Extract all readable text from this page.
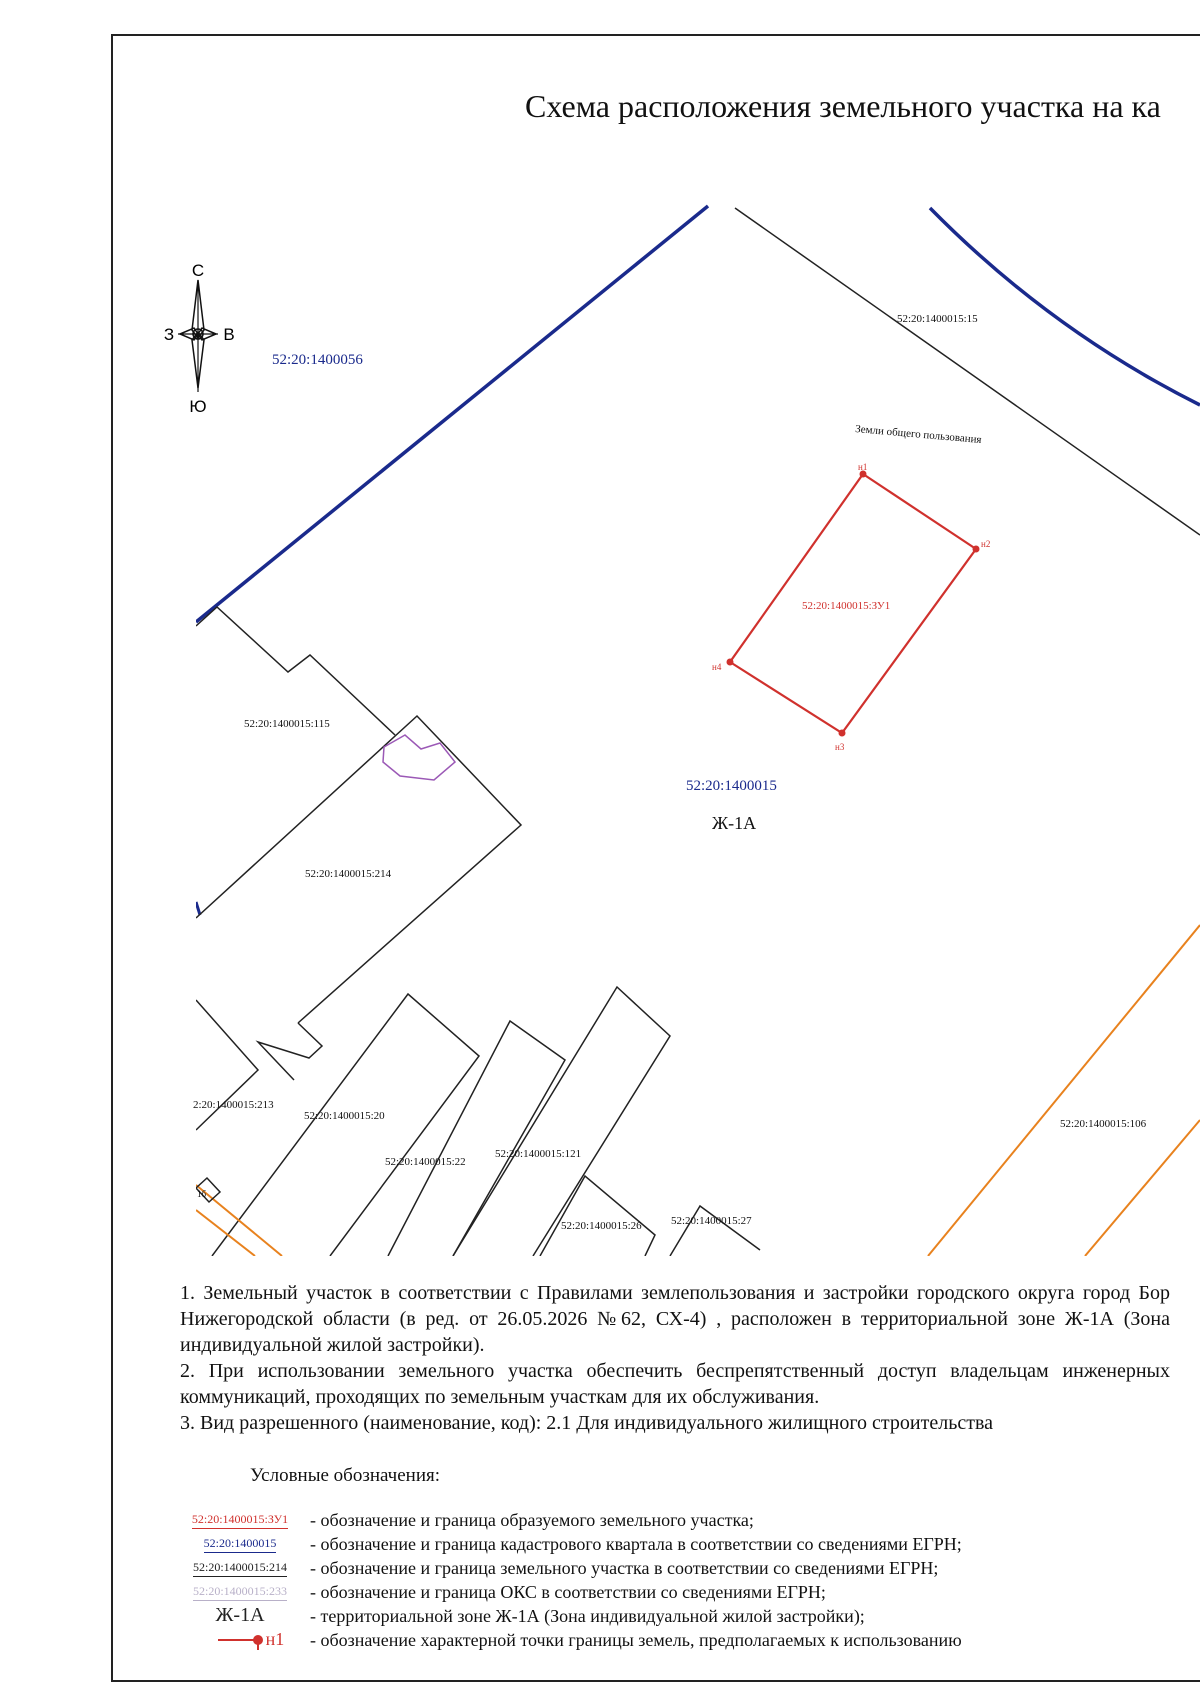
Схема расположения земельного участка на ка
С
Ю
З	В
52:20:1400056
52:20:1400015:15
Земли общего пользования
52:20:1400015:ЗУ1
52:20:1400015
Ж-1А
52:20:1400015:115
52:20:1400015:214
2:20:1400015:213
52:20:1400015:20
52:20:1400015:22
52:20:1400015:121
52:20:1400015:26	52:20:1400015:27
52:20:1400015:106
1б
н1
н2
н3
н4

1. Земельный участок в соответствии с Правилами землепользования и застройки городского округа город Бор Нижегородской области (в ред. от 26.05.2026 №62, СХ-4) , расположен в территориальной зоне Ж-1А (Зона индивидуальной жилой застройки).

2. При использовании земельного участка обеспечить беспрепятственный доступ владельцам инженерных коммуникаций, проходящих по земельным участкам для их обслуживания.

3. Вид разрешенного (наименование, код): 2.1 Для индивидуального жилищного строительства

Условные обозначения:
52:20:1400015:ЗУ1	- обозначение и граница образуемого земельного участка;
52:20:1400015	- обозначение и граница кадастрового квартала в соответствии со сведениями ЕГРН;
52:20:1400015:214	- обозначение и граница земельного участка в соответствии со сведениями ЕГРН;
52:20:1400015:233	- обозначение и граница ОКС в соответствии со сведениями ЕГРН;
Ж-1А	- территориальной зоне Ж-1А (Зона индивидуальной жилой застройки);
н1	- обозначение характерной точки границы земель, предполагаемых к использованию
